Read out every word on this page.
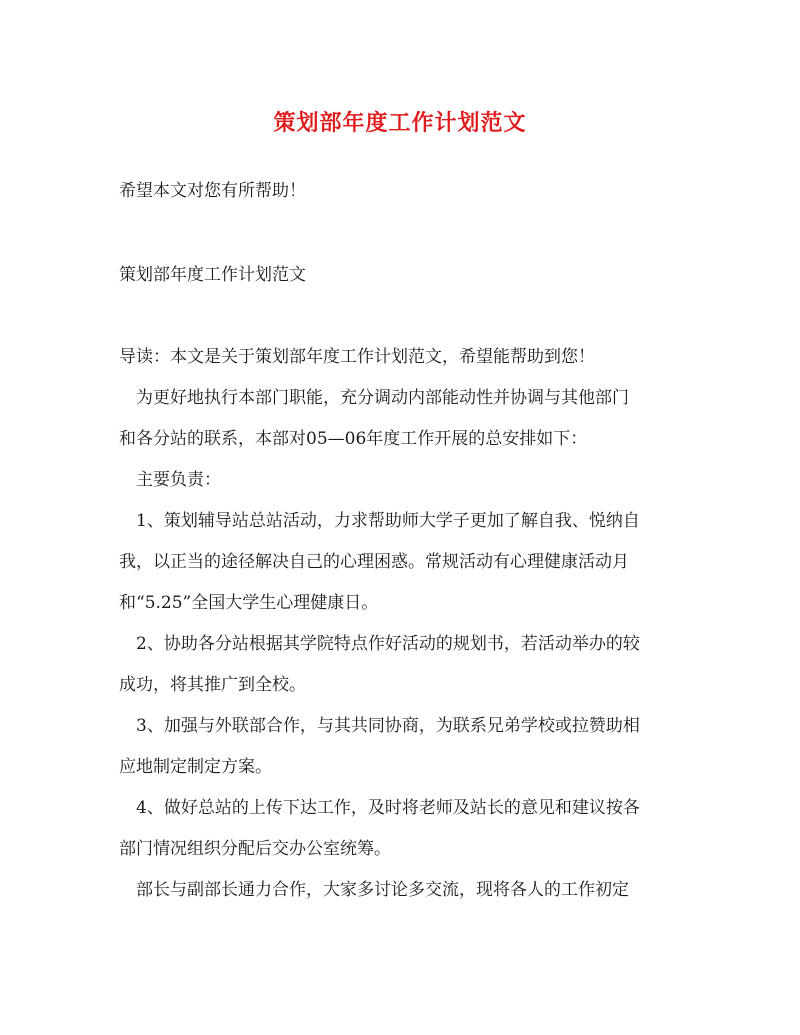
策划部年度工作计划范文

希望本文对您有所帮助！

策划部年度工作计划范文

导读：本文是关于策划部年度工作计划范文，希望能帮助到您！

为更好地执行本部门职能，充分调动内部能动性并协调与其他部门

和各分站的联系，本部对05—06年度工作开展的总安排如下：

主要负责：

1、策划辅导站总站活动，力求帮助师大学子更加了解自我、悦纳自

我，以正当的途径解决自己的心理困惑。常规活动有心理健康活动月

和“5.25”全国大学生心理健康日。

2、协助各分站根据其学院特点作好活动的规划书，若活动举办的较

成功，将其推广到全校。

3、加强与外联部合作，与其共同协商，为联系兄弟学校或拉赞助相

应地制定制定方案。

4、做好总站的上传下达工作，及时将老师及站长的意见和建议按各

部门情况组织分配后交办公室统筹。

部长与副部长通力合作，大家多讨论多交流，现将各人的工作初定
